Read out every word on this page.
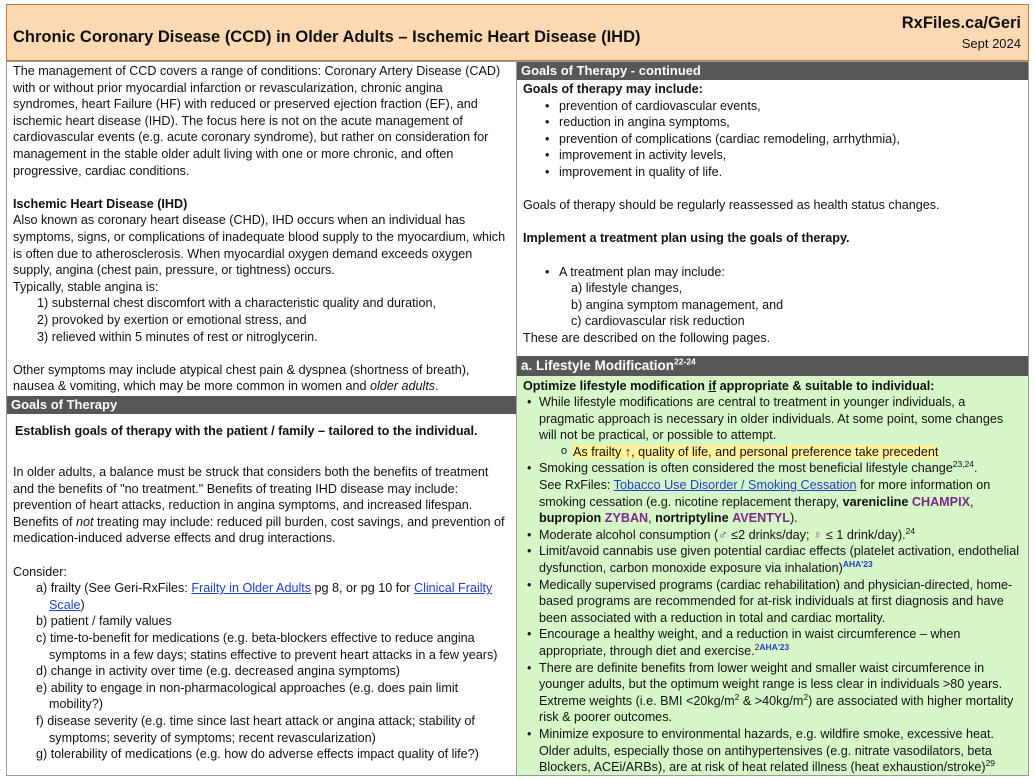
Chronic Coronary Disease (CCD) in Older Adults – Ischemic Heart Disease (IHD)
RxFiles.ca/Geri
Sept 2024

The management of CCD covers a range of conditions: Coronary Artery Disease (CAD) with or without prior myocardial infarction or revascularization, chronic angina syndromes, heart Failure (HF) with reduced or preserved ejection fraction (EF), and ischemic heart disease (IHD). The focus here is not on the acute management of cardiovascular events (e.g. acute coronary syndrome), but rather on consideration for management in the stable older adult living with one or more chronic, and often progressive, cardiac conditions.

Ischemic Heart Disease (IHD)

Also known as coronary heart disease (CHD), IHD occurs when an individual has symptoms, signs, or complications of inadequate blood supply to the myocardium, which is often due to atherosclerosis. When myocardial oxygen demand exceeds oxygen supply, angina (chest pain, pressure, or tightness) occurs.

Typically, stable angina is:

1) substernal chest discomfort with a characteristic quality and duration,

2) provoked by exertion or emotional stress, and

3) relieved within 5 minutes of rest or nitroglycerin.

Other symptoms may include atypical chest pain & dyspnea (shortness of breath), nausea & vomiting, which may be more common in women and older adults.

Goals of Therapy

Establish goals of therapy with the patient / family – tailored to the individual.

In older adults, a balance must be struck that considers both the benefits of treatment and the benefits of "no treatment." Benefits of treating IHD disease may include: prevention of heart attacks, reduction in angina symptoms, and increased lifespan. Benefits of not treating may include: reduced pill burden, cost savings, and prevention of medication-induced adverse effects and drug interactions.

Consider:

a) frailty (See Geri-RxFiles: Frailty in Older Adults pg 8, or pg 10 for Clinical Frailty Scale)

b) patient / family values

c) time-to-benefit for medications (e.g. beta-blockers effective to reduce angina symptoms in a few days; statins effective to prevent heart attacks in a few years)

d) change in activity over time (e.g. decreased angina symptoms)

e) ability to engage in non-pharmacological approaches (e.g. does pain limit mobility?)

f) disease severity (e.g. time since last heart attack or angina attack; stability of symptoms; severity of symptoms; recent revascularization)

g) tolerability of medications (e.g. how do adverse effects impact quality of life?)

Goals of Therapy - continued

Goals of therapy may include:

• prevention of cardiovascular events,
• reduction in angina symptoms,
• prevention of complications (cardiac remodeling, arrhythmia),
• improvement in activity levels,
• improvement in quality of life.

Goals of therapy should be regularly reassessed as health status changes.

Implement a treatment plan using the goals of therapy.

• A treatment plan may include:

a) lifestyle changes,

b) angina symptom management, and

c) cardiovascular risk reduction

These are described on the following pages.

a. Lifestyle Modification$^{22-24}$

Optimize lifestyle modification if appropriate & suitable to individual:

• While lifestyle modifications are central to treatment in younger individuals, a pragmatic approach is necessary in older individuals. At some point, some changes will not be practical, or possible to attempt.
o As frailty ↑, quality of life, and personal preference take precedent
• Smoking cessation is often considered the most beneficial lifestyle change$^{23,24}$.
See RxFiles: Tobacco Use Disorder / Smoking Cessation for more information on smoking cessation (e.g. nicotine replacement therapy, varenicline CHAMPIX, bupropion ZYBAN, nortriptyline AVENTYL).
• Moderate alcohol consumption (♂ ≤2 drinks/day; ♀ ≤ 1 drink/day).$^{24}$
• Limit/avoid cannabis use given potential cardiac effects (platelet activation, endothelial dysfunction, carbon monoxide exposure via inhalation)$^{AHA'23}$
• Medically supervised programs (cardiac rehabilitation) and physician-directed, home-based programs are recommended for at-risk individuals at first diagnosis and have been associated with a reduction in total and cardiac mortality.
• Encourage a healthy weight, and a reduction in waist circumference – when appropriate, through diet and exercise.$^{2AHA'23}$
• There are definite benefits from lower weight and smaller waist circumference in younger adults, but the optimum weight range is less clear in individuals >80 years. Extreme weights (i.e. BMI $<20kg/m^2$ & $>40kg/m^2$) are associated with higher mortality risk & poorer outcomes.
• Minimize exposure to environmental hazards, e.g. wildfire smoke, excessive heat. Older adults, especially those on antihypertensives (e.g. nitrate vasodilators, beta Blockers, ACEi/ARBs), are at risk of heat related illness (heat exhaustion/stroke)$^{29}$
